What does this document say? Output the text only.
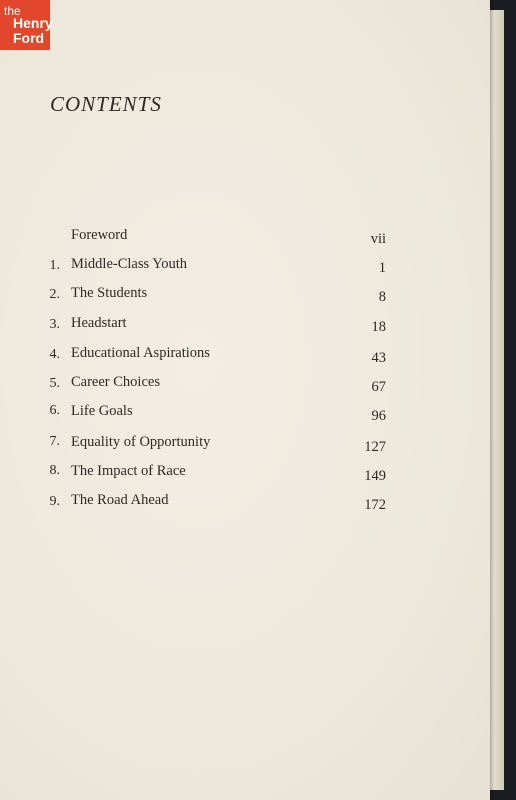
the
Henry
Ford
CONTENTS
Foreword	vii
1. Middle-Class Youth	1
2. The Students	8
3. Headstart	18
4. Educational Aspirations	43
5. Career Choices	67
6. Life Goals	96
7. Equality of Opportunity	127
8. The Impact of Race	149
9. The Road Ahead	172
